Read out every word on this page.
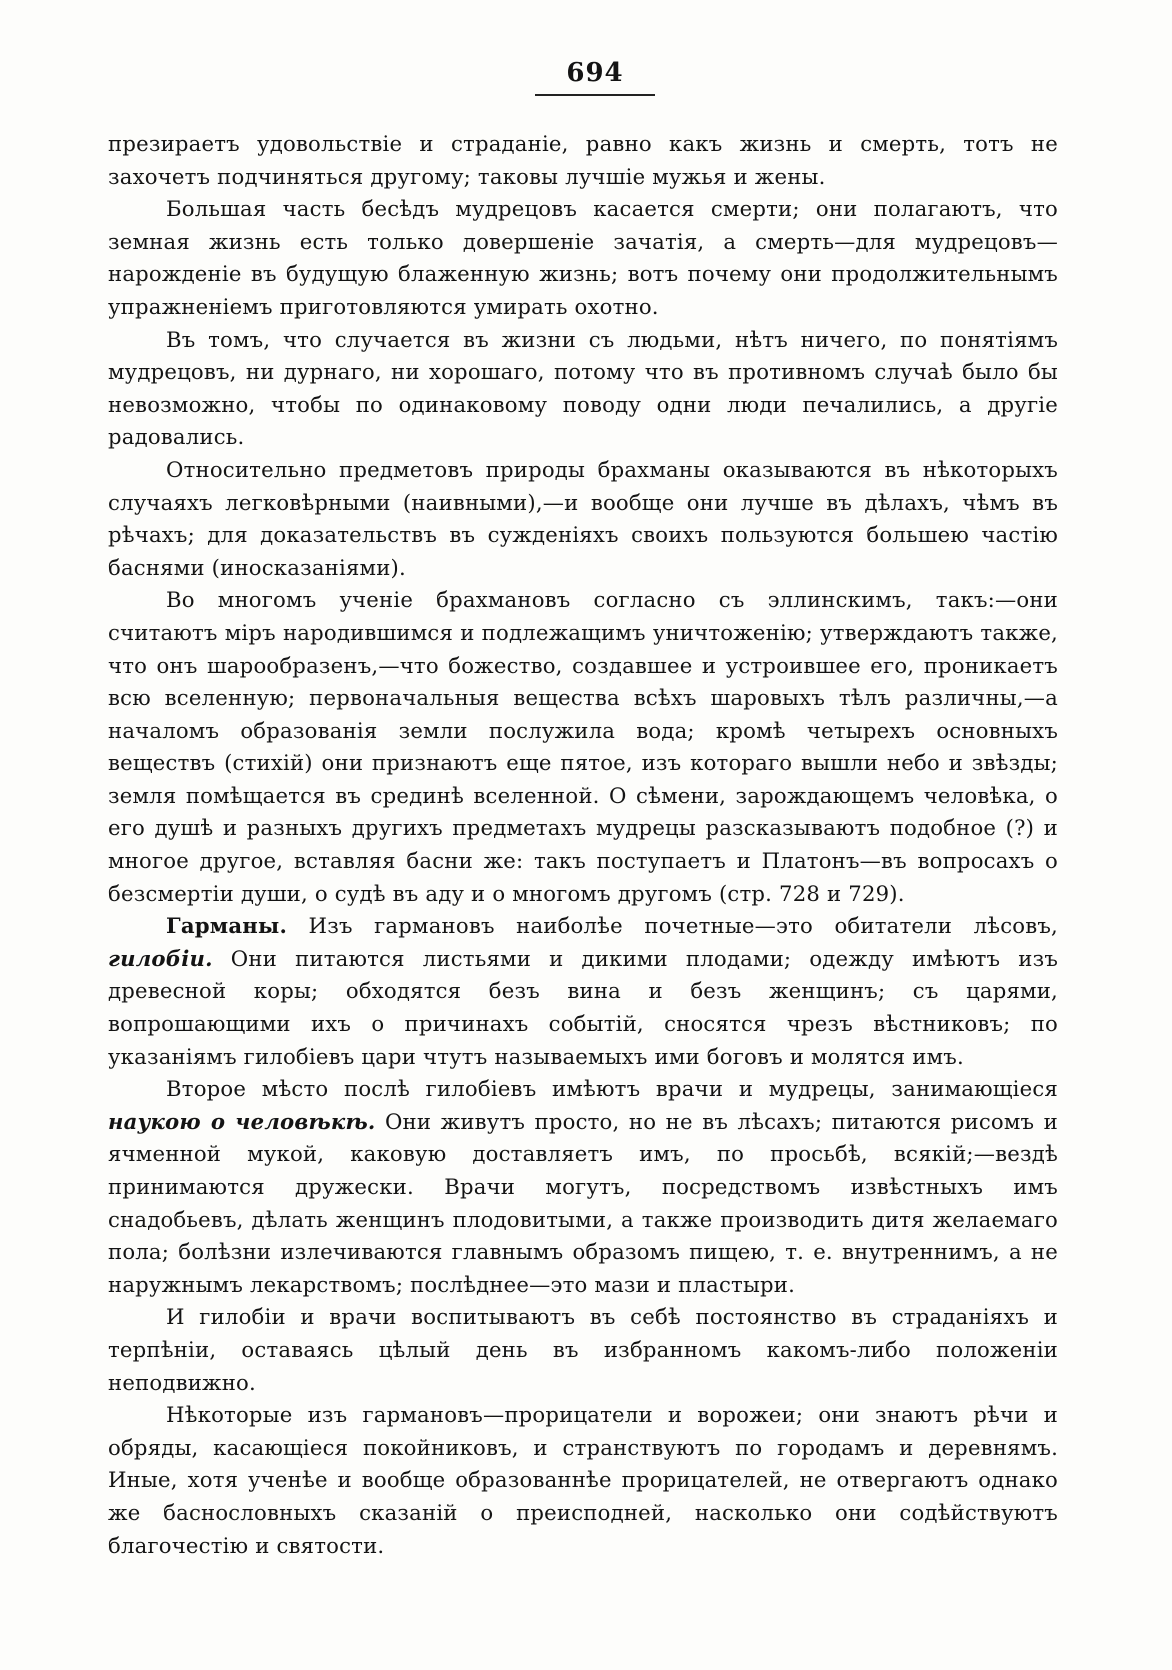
694

презираетъ удовольствіе и страданіе, равно какъ жизнь и смерть, тотъ не захочетъ подчиняться другому; таковы лучшіе мужья и жены.

Большая часть бесѣдъ мудрецовъ касается смерти; они полагаютъ, что земная жизнь есть только довершеніе зачатія, а смерть—для мудрецовъ—нарожденіе въ будущую блаженную жизнь; вотъ почему они продолжительнымъ упражненіемъ приготовляются умирать охотно.

Въ томъ, что случается въ жизни съ людьми, нѣтъ ничего, по понятіямъ мудрецовъ, ни дурнаго, ни хорошаго, потому что въ противномъ случаѣ было бы невозможно, чтобы по одинаковому поводу одни люди печалились, а другіе радовались.

Относительно предметовъ природы брахманы оказываются въ нѣкоторыхъ случаяхъ легковѣрными (наивными),—и вообще они лучше въ дѣлахъ, чѣмъ въ рѣчахъ; для доказательствъ въ сужденіяхъ своихъ пользуются большею частію баснями (иносказаніями).

Во многомъ ученіе брахмановъ согласно съ эллинскимъ, такъ:—они считаютъ міръ народившимся и подлежащимъ уничтоженію; утверждаютъ также, что онъ шарообразенъ,—что божество, создавшее и устроившее его, проникаетъ всю вселенную; первоначальныя вещества всѣхъ шаровыхъ тѣлъ различны,—а началомъ образованія земли послужила вода; кромѣ четырехъ основныхъ веществъ (стихій) они признаютъ еще пятое, изъ котораго вышли небо и звѣзды; земля помѣщается въ срединѣ вселенной. О сѣмени, зарождающемъ человѣка, о его душѣ и разныхъ другихъ предметахъ мудрецы разсказываютъ подобное (?) и многое другое, вставляя басни же: такъ поступаетъ и Платонъ—въ вопросахъ о безсмертіи души, о судѣ въ аду и о многомъ другомъ (стр. 728 и 729).

Гарманы. Изъ гармановъ наиболѣе почетные—это обитатели лѣсовъ, гилобіи. Они питаются листьями и дикими плодами; одежду имѣютъ изъ древесной коры; обходятся безъ вина и безъ женщинъ; съ царями, вопрошающими ихъ о причинахъ событій, сносятся чрезъ вѣстниковъ; по указаніямъ гилобіевъ цари чтутъ называемыхъ ими боговъ и молятся имъ.

Второе мѣсто послѣ гилобіевъ имѣютъ врачи и мудрецы, занимающіеся наукою о человѣкѣ. Они живутъ просто, но не въ лѣсахъ; питаются рисомъ и ячменной мукой, каковую доставляетъ имъ, по просьбѣ, всякій;—вездѣ принимаются дружески. Врачи могутъ, посредствомъ извѣстныхъ имъ снадобьевъ, дѣлать женщинъ плодовитыми, а также производить дитя желаемаго пола; болѣзни излечиваются главнымъ образомъ пищею, т. е. внутреннимъ, а не наружнымъ лекарствомъ; послѣднее—это мази и пластыри.

И гилобіи и врачи воспитываютъ въ себѣ постоянство въ страданіяхъ и терпѣніи, оставаясь цѣлый день въ избранномъ какомъ-либо положеніи неподвижно.

Нѣкоторые изъ гармановъ—прорицатели и ворожеи; они знаютъ рѣчи и обряды, касающіеся покойниковъ, и странствуютъ по городамъ и деревнямъ. Иные, хотя ученѣе и вообще образованнѣе прорицателей, не отвергаютъ однако же баснословныхъ сказаній о преисподней, насколько они содѣйствуютъ благочестію и святости.
